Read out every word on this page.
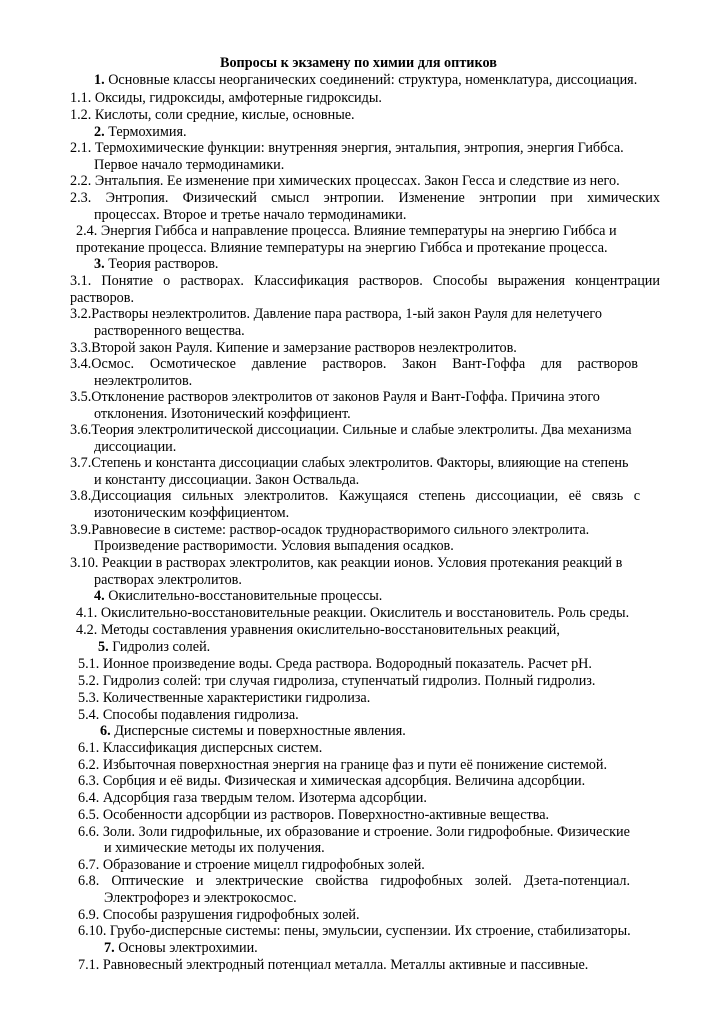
Вопросы к экзамену по химии для оптиков
1. Основные классы неорганических соединений: структура, номенклатура, диссоциация.
1.1. Оксиды, гидроксиды, амфотерные гидроксиды.
1.2. Кислоты, соли средние, кислые, основные.
2. Термохимия.
2.1. Термохимические функции: внутренняя энергия, энтальпия, энтропия, энергия Гиббса.
Первое начало термодинамики.
2.2. Энтальпия. Ее изменение при химических процессах. Закон Гесса и следствие из него.
2.3. Энтропия. Физический смысл энтропии. Изменение энтропии при химических
процессах. Второе и третье начало термодинамики.
2.4. Энергия Гиббса и направление процесса. Влияние температуры на энергию Гиббса и
протекание процесса. Влияние температуры на энергию Гиббса и протекание процесса.
3. Теория растворов.
3.1. Понятие о растворах. Классификация растворов. Способы выражения концентрации
растворов.
3.2.Растворы неэлектролитов. Давление пара раствора, 1-ый закон Рауля для нелетучего
растворенного вещества.
3.3.Второй закон Рауля. Кипение и замерзание растворов неэлектролитов.
3.4.Осмос. Осмотическое давление растворов. Закон Вант-Гоффа для растворов
неэлектролитов.
3.5.Отклонение растворов электролитов от законов Рауля и Вант-Гоффа. Причина этого
отклонения. Изотонический коэффициент.
3.6.Теория электролитической диссоциации. Сильные и слабые электролиты. Два механизма
диссоциации.
3.7.Степень и константа диссоциации слабых электролитов. Факторы, влияющие на степень
и константу диссоциации. Закон Оствальда.
3.8.Диссоциация сильных электролитов. Кажущаяся степень диссоциации, её связь с
изотоническим коэффициентом.
3.9.Равновесие в системе: раствор-осадок труднорастворимого сильного электролита.
Произведение растворимости. Условия выпадения осадков.
3.10. Реакции в растворах электролитов, как реакции ионов. Условия протекания реакций в
растворах электролитов.
4. Окислительно-восстановительные процессы.
4.1. Окислительно-восстановительные реакции. Окислитель и восстановитель. Роль среды.
4.2. Методы составления уравнения окислительно-восстановительных реакций,
5. Гидролиз солей.
5.1. Ионное произведение воды. Среда раствора. Водородный показатель. Расчет pH.
5.2. Гидролиз солей: три случая гидролиза, ступенчатый гидролиз. Полный гидролиз.
5.3. Количественные характеристики гидролиза.
5.4. Способы подавления гидролиза.
6. Дисперсные системы и поверхностные явления.
6.1. Классификация дисперсных систем.
6.2. Избыточная поверхностная энергия на границе фаз и пути её понижение системой.
6.3. Сорбция и её виды. Физическая и химическая адсорбция. Величина адсорбции.
6.4. Адсорбция газа твердым телом. Изотерма адсорбции.
6.5. Особенности адсорбции из растворов. Поверхностно-активные вещества.
6.6. Золи. Золи гидрофильные, их образование и строение. Золи гидрофобные. Физические
и химические методы их получения.
6.7. Образование и строение мицелл гидрофобных золей.
6.8. Оптические и электрические свойства гидрофобных золей. Дзета-потенциал.
Электрофорез и электрокосмос.
6.9. Способы разрушения гидрофобных золей.
6.10. Грубо-дисперсные системы: пены, эмульсии, суспензии. Их строение, стабилизаторы.
7. Основы электрохимии.
7.1. Равновесный электродный потенциал металла. Металлы активные и пассивные.
